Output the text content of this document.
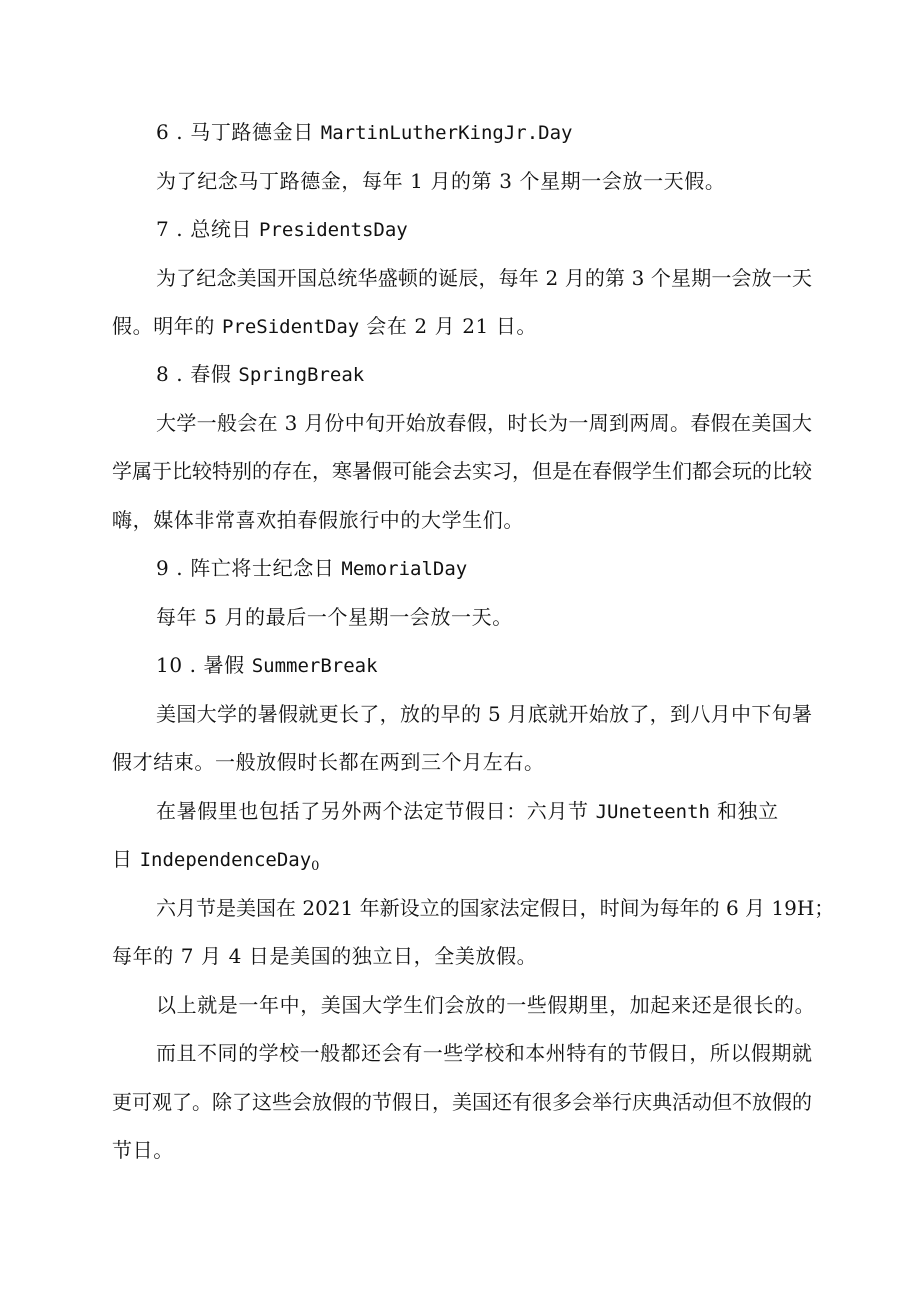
6 . 马丁路德金日 MartinLutherKingJr.Day
为了纪念马丁路德金，每年 1 月的第 3 个星期一会放一天假。
7 . 总统日 PresidentsDay
为了纪念美国开国总统华盛顿的诞辰，每年 2 月的第 3 个星期一会放一天
假。明年的 PreSidentDay 会在 2 月 21 日。
8 . 春假 SpringBreak
大学一般会在 3 月份中旬开始放春假，时长为一周到两周。春假在美国大
学属于比较特别的存在，寒暑假可能会去实习，但是在春假学生们都会玩的比较
嗨，媒体非常喜欢拍春假旅行中的大学生们。
9 . 阵亡将士纪念日 MemorialDay
每年 5 月的最后一个星期一会放一天。
10 . 暑假 SummerBreak
美国大学的暑假就更长了，放的早的 5 月底就开始放了，到八月中下旬暑
假才结束。一般放假时长都在两到三个月左右。
在暑假里也包括了另外两个法定节假日：六月节 JUneteenth 和独立
日 IndependenceDay$_0$
六月节是美国在 2021 年新设立的国家法定假日，时间为每年的 6 月 19H；
每年的 7 月 4 日是美国的独立日，全美放假。
以上就是一年中，美国大学生们会放的一些假期里，加起来还是很长的。
而且不同的学校一般都还会有一些学校和本州特有的节假日，所以假期就
更可观了。除了这些会放假的节假日，美国还有很多会举行庆典活动但不放假的
节日。
